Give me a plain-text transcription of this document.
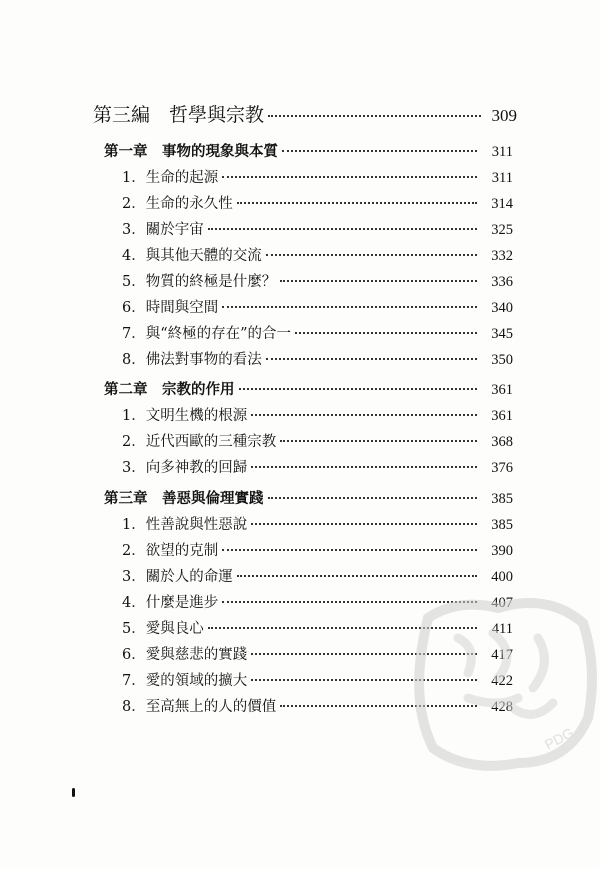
第三編　哲學與宗教	309
第一章　事物的現象與本質	311
1．生命的起源	311
2．生命的永久性	314
3．關於宇宙	325
4．與其他天體的交流	332
5．物質的終極是什麼？	336
6．時間與空間	340
7．與“終極的存在”的合一	345
8．佛法對事物的看法	350
第二章　宗教的作用	361
1．文明生機的根源	361
2．近代西歐的三種宗教	368
3．向多神教的回歸	376
第三章　善惡與倫理實踐	385
1．性善說與性惡說	385
2．欲望的克制	390
3．關於人的命運	400
4．什麼是進步	407
5．愛與良心	411
6．愛與慈悲的實踐	417
7．愛的領域的擴大	422
8．至高無上的人的價值	428
PDG
